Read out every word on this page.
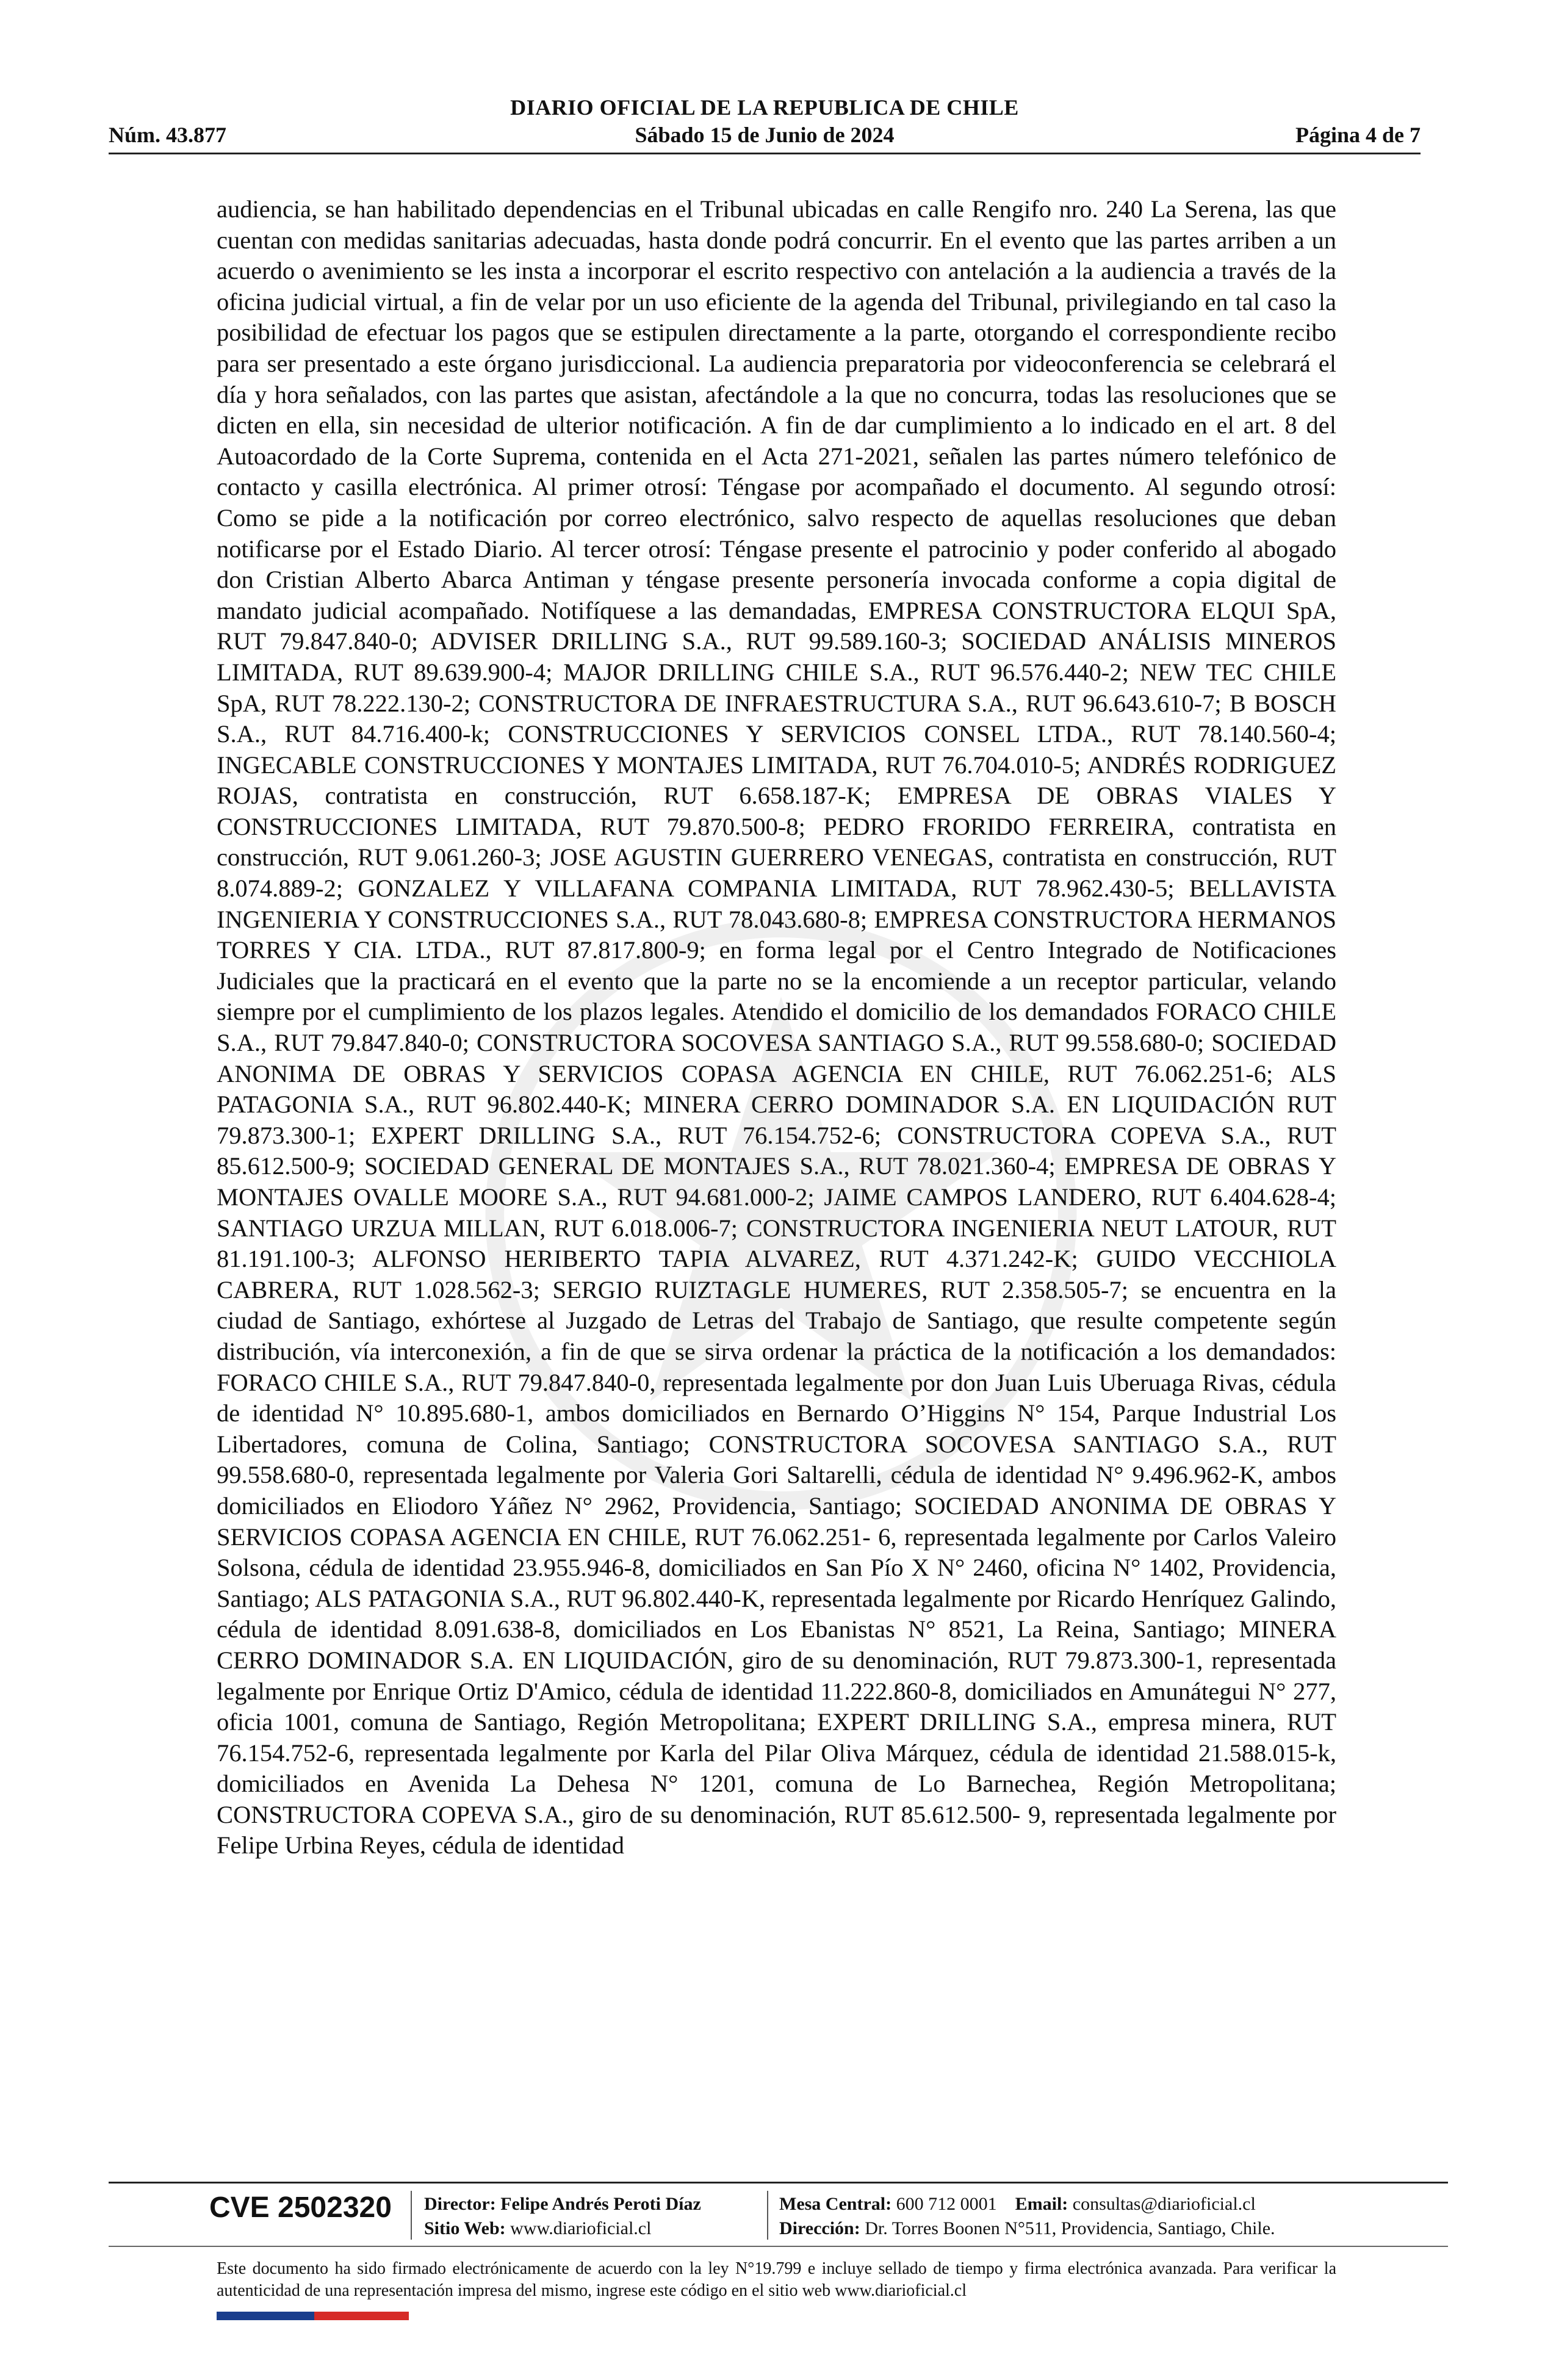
DIARIO OFICIAL DE LA REPUBLICA DE CHILE
Núm. 43.877	Sábado 15 de Junio de 2024	Página 4 de 7
audiencia, se han habilitado dependencias en el Tribunal ubicadas en calle Rengifo nro. 240 La Serena, las que cuentan con medidas sanitarias adecuadas, hasta donde podrá concurrir. En el evento que las partes arriben a un acuerdo o avenimiento se les insta a incorporar el escrito respectivo con antelación a la audiencia a través de la oficina judicial virtual, a fin de velar por un uso eficiente de la agenda del Tribunal, privilegiando en tal caso la posibilidad de efectuar los pagos que se estipulen directamente a la parte, otorgando el correspondiente recibo para ser presentado a este órgano jurisdiccional. La audiencia preparatoria por videoconferencia se celebrará el día y hora señalados, con las partes que asistan, afectándole a la que no concurra, todas las resoluciones que se dicten en ella, sin necesidad de ulterior notificación. A fin de dar cumplimiento a lo indicado en el art. 8 del Autoacordado de la Corte Suprema, contenida en el Acta 271-2021, señalen las partes número telefónico de contacto y casilla electrónica. Al primer otrosí: Téngase por acompañado el documento. Al segundo otrosí: Como se pide a la notificación por correo electrónico, salvo respecto de aquellas resoluciones que deban notificarse por el Estado Diario. Al tercer otrosí: Téngase presente el patrocinio y poder conferido al abogado don Cristian Alberto Abarca Antiman y téngase presente personería invocada conforme a copia digital de mandato judicial acompañado. Notifíquese a las demandadas, EMPRESA CONSTRUCTORA ELQUI SpA, RUT 79.847.840-0; ADVISER DRILLING S.A., RUT 99.589.160-3; SOCIEDAD ANÁLISIS MINEROS LIMITADA, RUT 89.639.900-4; MAJOR DRILLING CHILE S.A., RUT 96.576.440-2; NEW TEC CHILE SpA, RUT 78.222.130-2; CONSTRUCTORA DE INFRAESTRUCTURA S.A., RUT 96.643.610-7; B BOSCH S.A., RUT 84.716.400-k; CONSTRUCCIONES Y SERVICIOS CONSEL LTDA., RUT 78.140.560-4; INGECABLE CONSTRUCCIONES Y MONTAJES LIMITADA, RUT 76.704.010-5; ANDRÉS RODRIGUEZ ROJAS, contratista en construcción, RUT 6.658.187-K; EMPRESA DE OBRAS VIALES Y CONSTRUCCIONES LIMITADA, RUT 79.870.500-8; PEDRO FRORIDO FERREIRA, contratista en construcción, RUT 9.061.260-3; JOSE AGUSTIN GUERRERO VENEGAS, contratista en construcción, RUT 8.074.889-2; GONZALEZ Y VILLAFANA COMPANIA LIMITADA, RUT 78.962.430-5; BELLAVISTA INGENIERIA Y CONSTRUCCIONES S.A., RUT 78.043.680-8; EMPRESA CONSTRUCTORA HERMANOS TORRES Y CIA. LTDA., RUT 87.817.800-9; en forma legal por el Centro Integrado de Notificaciones Judiciales que la practicará en el evento que la parte no se la encomiende a un receptor particular, velando siempre por el cumplimiento de los plazos legales. Atendido el domicilio de los demandados FORACO CHILE S.A., RUT 79.847.840-0; CONSTRUCTORA SOCOVESA SANTIAGO S.A., RUT 99.558.680-0; SOCIEDAD ANONIMA DE OBRAS Y SERVICIOS COPASA AGENCIA EN CHILE, RUT 76.062.251-6; ALS PATAGONIA S.A., RUT 96.802.440-K; MINERA CERRO DOMINADOR S.A. EN LIQUIDACIÓN RUT 79.873.300-1; EXPERT DRILLING S.A., RUT 76.154.752-6; CONSTRUCTORA COPEVA S.A., RUT 85.612.500-9; SOCIEDAD GENERAL DE MONTAJES S.A., RUT 78.021.360-4; EMPRESA DE OBRAS Y MONTAJES OVALLE MOORE S.A., RUT 94.681.000-2; JAIME CAMPOS LANDERO, RUT 6.404.628-4; SANTIAGO URZUA MILLAN, RUT 6.018.006-7; CONSTRUCTORA INGENIERIA NEUT LATOUR, RUT 81.191.100-3; ALFONSO HERIBERTO TAPIA ALVAREZ, RUT 4.371.242-K; GUIDO VECCHIOLA CABRERA, RUT 1.028.562-3; SERGIO RUIZTAGLE HUMERES, RUT 2.358.505-7; se encuentra en la ciudad de Santiago, exhórtese al Juzgado de Letras del Trabajo de Santiago, que resulte competente según distribución, vía interconexión, a fin de que se sirva ordenar la práctica de la notificación a los demandados: FORACO CHILE S.A., RUT 79.847.840-0, representada legalmente por don Juan Luis Uberuaga Rivas, cédula de identidad N° 10.895.680-1, ambos domiciliados en Bernardo O’Higgins N° 154, Parque Industrial Los Libertadores, comuna de Colina, Santiago; CONSTRUCTORA SOCOVESA SANTIAGO S.A., RUT 99.558.680-0, representada legalmente por Valeria Gori Saltarelli, cédula de identidad N° 9.496.962-K, ambos domiciliados en Eliodoro Yáñez N° 2962, Providencia, Santiago; SOCIEDAD ANONIMA DE OBRAS Y SERVICIOS COPASA AGENCIA EN CHILE, RUT 76.062.251- 6, representada legalmente por Carlos Valeiro Solsona, cédula de identidad 23.955.946-8, domiciliados en San Pío X N° 2460, oficina N° 1402, Providencia, Santiago; ALS PATAGONIA S.A., RUT 96.802.440-K, representada legalmente por Ricardo Henríquez Galindo, cédula de identidad 8.091.638-8, domiciliados en Los Ebanistas N° 8521, La Reina, Santiago; MINERA CERRO DOMINADOR S.A. EN LIQUIDACIÓN, giro de su denominación, RUT 79.873.300-1, representada legalmente por Enrique Ortiz D'Amico, cédula de identidad 11.222.860-8, domiciliados en Amunátegui N° 277, oficia 1001, comuna de Santiago, Región Metropolitana; EXPERT DRILLING S.A., empresa minera, RUT 76.154.752-6, representada legalmente por Karla del Pilar Oliva Márquez, cédula de identidad 21.588.015-k, domiciliados en Avenida La Dehesa N° 1201, comuna de Lo Barnechea, Región Metropolitana; CONSTRUCTORA COPEVA S.A., giro de su denominación, RUT 85.612.500- 9, representada legalmente por Felipe Urbina Reyes, cédula de identidad
CVE 2502320 Director: Felipe Andrés Peroti Díaz
Sitio Web: www.diarioficial.cl
Mesa Central: 600 712 0001 Email: consultas@diarioficial.cl
Dirección: Dr. Torres Boonen N°511, Providencia, Santiago, Chile.
Este documento ha sido firmado electrónicamente de acuerdo con la ley N°19.799 e incluye sellado de tiempo y firma electrónica avanzada. Para verificar la autenticidad de una representación impresa del mismo, ingrese este código en el sitio web www.diarioficial.cl
